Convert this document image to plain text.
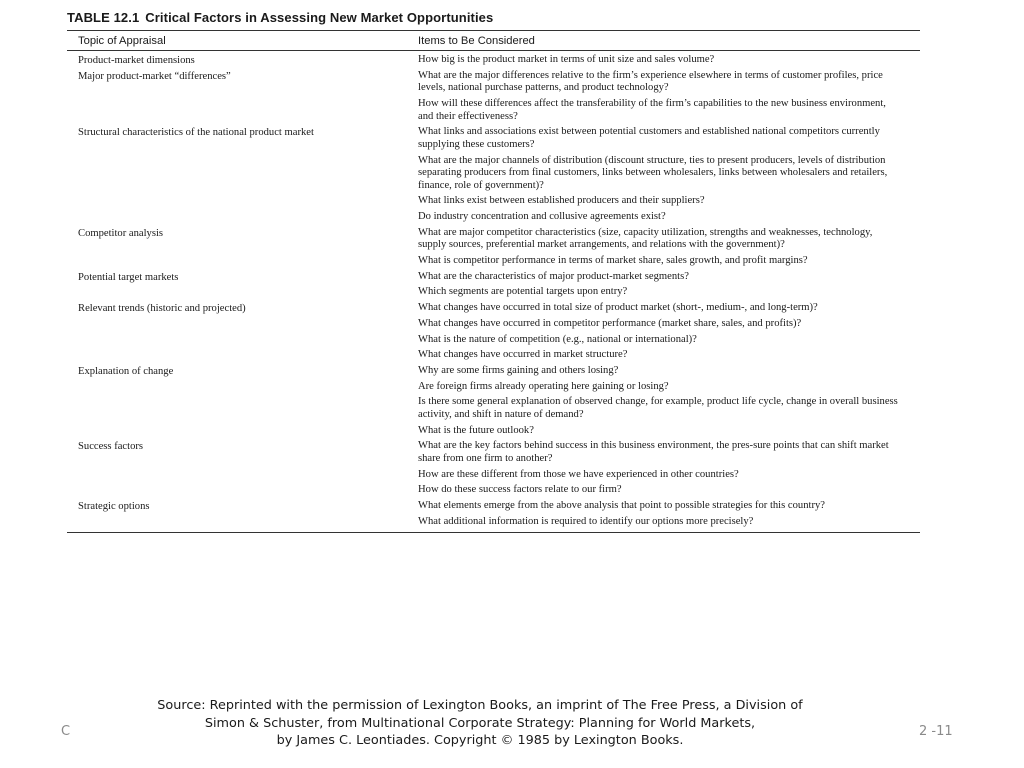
TABLE 12.1 Critical Factors in Assessing New Market Opportunities
Topic of Appraisal	Items to Be Considered
Product-market dimensions	How big is the product market in terms of unit size and sales volume?
Major product-market “differences”	What are the major differences relative to the firm’s experience elsewhere in terms of customer profiles, price levels, national purchase patterns, and product technology?
How will these differences affect the transferability of the firm’s capabilities to the new business environment, and their effectiveness?
Structural characteristics of the national product market	What links and associations exist between potential customers and established national competitors currently supplying these customers?
What are the major channels of distribution (discount structure, ties to present producers, levels of distribution separating producers from final customers, links between wholesalers, links between wholesalers and retailers, finance, role of government)?
What links exist between established producers and their suppliers?
Do industry concentration and collusive agreements exist?
Competitor analysis	What are major competitor characteristics (size, capacity utilization, strengths and weaknesses, technology, supply sources, preferential market arrangements, and relations with the government)?
What is competitor performance in terms of market share, sales growth, and profit margins?
Potential target markets	What are the characteristics of major product-market segments?
Which segments are potential targets upon entry?
Relevant trends (historic and projected)	What changes have occurred in total size of product market (short-, medium-, and long-term)?
What changes have occurred in competitor performance (market share, sales, and profits)?
What is the nature of competition (e.g., national or international)?
What changes have occurred in market structure?
Explanation of change	Why are some firms gaining and others losing?
Are foreign firms already operating here gaining or losing?
Is there some general explanation of observed change, for example, product life cycle, change in overall business activity, and shift in nature of demand?
What is the future outlook?
Success factors	What are the key factors behind success in this business environment, the pres-sure points that can shift market share from one firm to another?
How are these different from those we have experienced in other countries?
How do these success factors relate to our firm?
Strategic options	What elements emerge from the above analysis that point to possible strategies for this country?
What additional information is required to identify our options more precisely?
Source: Reprinted with the permission of Lexington Books, an imprint of The Free Press, a Division of
Simon & Schuster, from Multinational Corporate Strategy: Planning for World Markets,
by James C. Leontiades. Copyright © 1985 by Lexington Books.
C	2 -11
